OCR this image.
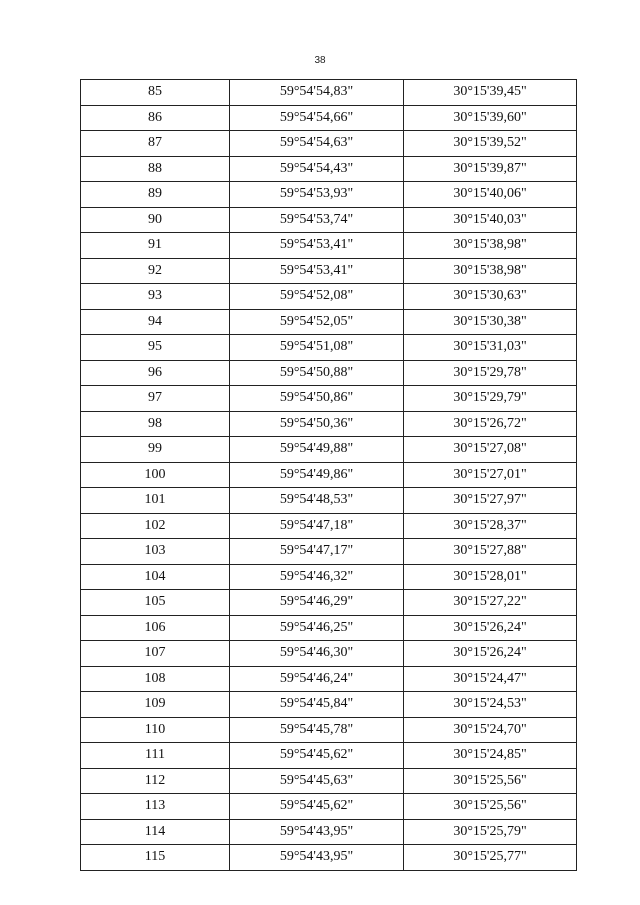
38
85	59°54'54,83"	30°15'39,45"
86	59°54'54,66"	30°15'39,60"
87	59°54'54,63"	30°15'39,52"
88	59°54'54,43"	30°15'39,87"
89	59°54'53,93"	30°15'40,06"
90	59°54'53,74"	30°15'40,03"
91	59°54'53,41"	30°15'38,98"
92	59°54'53,41"	30°15'38,98"
93	59°54'52,08"	30°15'30,63"
94	59°54'52,05"	30°15'30,38"
95	59°54'51,08"	30°15'31,03"
96	59°54'50,88"	30°15'29,78"
97	59°54'50,86"	30°15'29,79"
98	59°54'50,36"	30°15'26,72"
99	59°54'49,88"	30°15'27,08"
100	59°54'49,86"	30°15'27,01"
101	59°54'48,53"	30°15'27,97"
102	59°54'47,18"	30°15'28,37"
103	59°54'47,17"	30°15'27,88"
104	59°54'46,32"	30°15'28,01"
105	59°54'46,29"	30°15'27,22"
106	59°54'46,25"	30°15'26,24"
107	59°54'46,30"	30°15'26,24"
108	59°54'46,24"	30°15'24,47"
109	59°54'45,84"	30°15'24,53"
110	59°54'45,78"	30°15'24,70"
111	59°54'45,62"	30°15'24,85"
112	59°54'45,63"	30°15'25,56"
113	59°54'45,62"	30°15'25,56"
114	59°54'43,95"	30°15'25,79"
115	59°54'43,95"	30°15'25,77"
